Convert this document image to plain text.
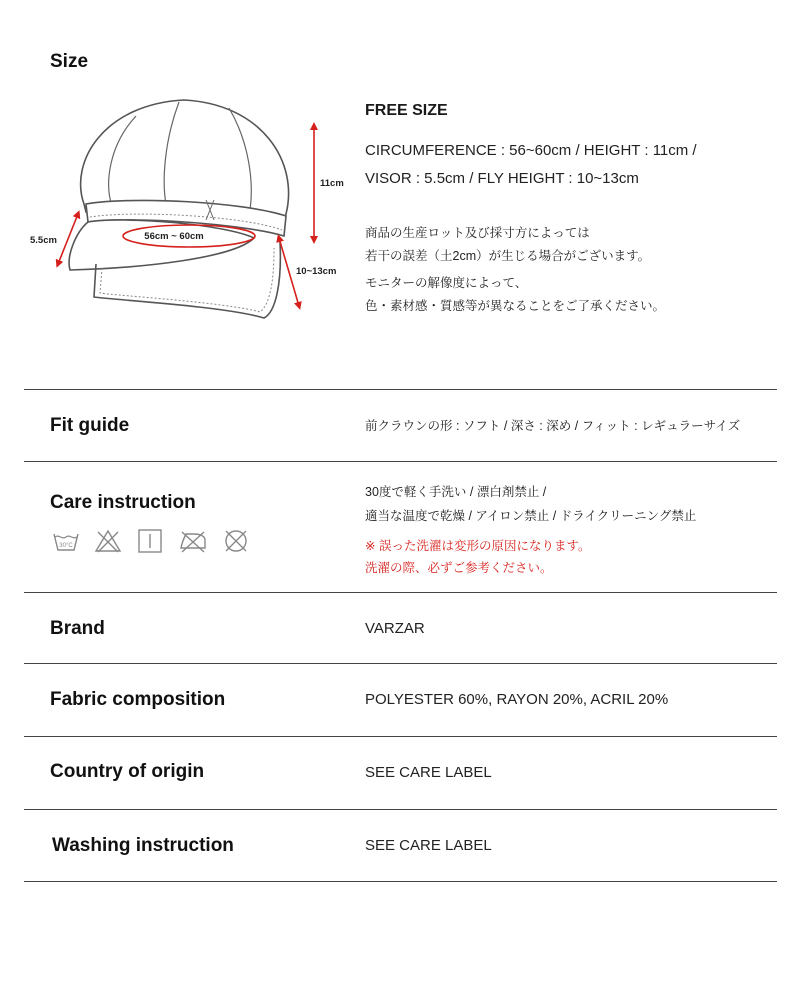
Size
56cm ~ 60cm
11cm
5.5cm
10~13cm
FREE SIZE
CIRCUMFERENCE : 56~60cm / HEIGHT : 11cm /
VISOR : 5.5cm / FLY HEIGHT : 10~13cm
商品の生産ロット及び採寸方によっては
若干の誤差（土2cm）が生じる場合がございます。
モニターの解像度によって、
色・素材感・質感等が異なることをご了承ください。
Fit guide	前クラウンの形 : ソフト / 深さ : 深め / フィット : レギュラーサイズ
Care instruction
30°C
30度で軽く手洗い / 漂白剤禁止 /
適当な温度で乾燥 / アイロン禁止 / ドライクリーニング禁止
※ 誤った洗濯は変形の原因になります。
洗濯の際、必ずご参考ください。
Brand	VARZAR
Fabric composition	POLYESTER 60%, RAYON 20%, ACRIL 20%
Country of origin	SEE CARE LABEL
Washing instruction	SEE CARE LABEL
